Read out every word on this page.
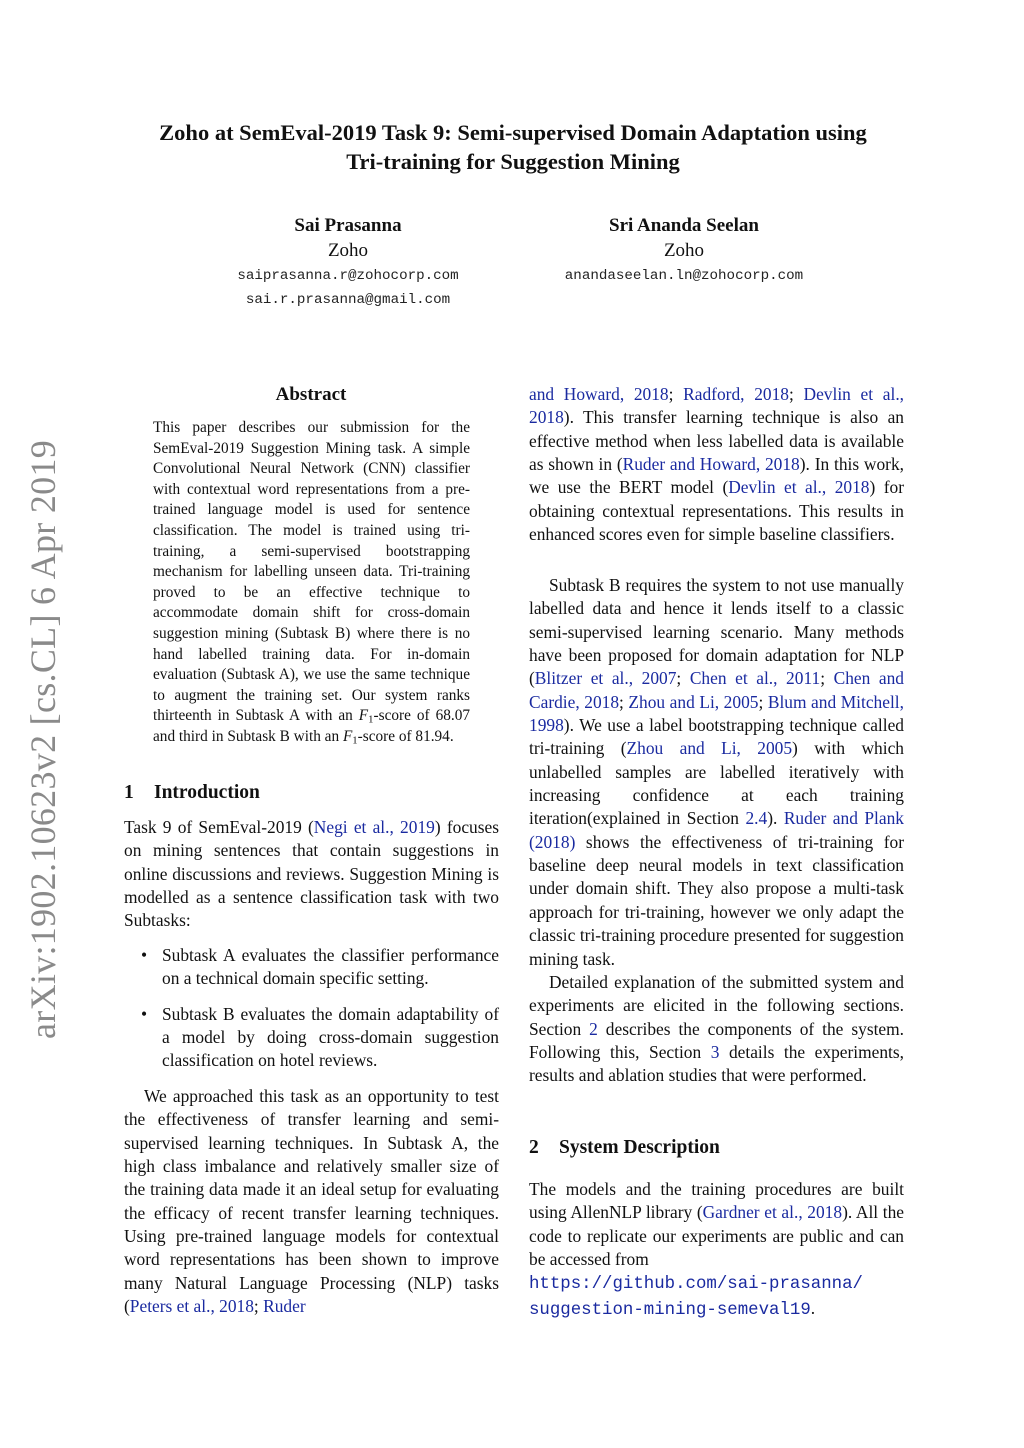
arXiv:1902.10623v2 [cs.CL] 6 Apr 2019
Zoho at SemEval-2019 Task 9: Semi-supervised Domain Adaptation using
Tri-training for Suggestion Mining
Sai Prasanna
Zoho
saiprasanna.r@zohocorp.com
sai.r.prasanna@gmail.com
Sri Ananda Seelan
Zoho
anandaseelan.ln@zohocorp.com
Abstract
This paper describes our submission for the SemEval-2019 Suggestion Mining task. A simple Convolutional Neural Network (CNN) classifier with contextual word representations from a pre-trained language model is used for sentence classification. The model is trained using tri-training, a semi-supervised bootstrapping mechanism for labelling unseen data. Tri-training proved to be an effective technique to accommodate domain shift for cross-domain suggestion mining (Subtask B) where there is no hand labelled training data. For in-domain evaluation (Subtask A), we use the same technique to augment the training set. Our system ranks thirteenth in Subtask A with an $F_1$-score of 68.07 and third in Subtask B with an $F_1$-score of 81.94.
1 Introduction
Task 9 of SemEval-2019 (Negi et al., 2019) focuses on mining sentences that contain suggestions in online discussions and reviews. Suggestion Mining is modelled as a sentence classification task with two Subtasks:
• Subtask A evaluates the classifier performance on a technical domain specific setting.
• Subtask B evaluates the domain adaptability of a model by doing cross-domain suggestion classification on hotel reviews.
We approached this task as an opportunity to test the effectiveness of transfer learning and semi-supervised learning techniques. In Subtask A, the high class imbalance and relatively smaller size of the training data made it an ideal setup for evaluating the efficacy of recent transfer learning techniques. Using pre-trained language models for contextual word representations has been shown to improve many Natural Language Processing (NLP) tasks (Peters et al., 2018; Ruder
and Howard, 2018; Radford, 2018; Devlin et al., 2018). This transfer learning technique is also an effective method when less labelled data is available as shown in (Ruder and Howard, 2018). In this work, we use the BERT model (Devlin et al., 2018) for obtaining contextual representations. This results in enhanced scores even for simple baseline classifiers.
Subtask B requires the system to not use manually labelled data and hence it lends itself to a classic semi-supervised learning scenario. Many methods have been proposed for domain adaptation for NLP (Blitzer et al., 2007; Chen et al., 2011; Chen and Cardie, 2018; Zhou and Li, 2005; Blum and Mitchell, 1998). We use a label bootstrapping technique called tri-training (Zhou and Li, 2005) with which unlabelled samples are labelled iteratively with increasing confidence at each training iteration(explained in Section 2.4). Ruder and Plank (2018) shows the effectiveness of tri-training for baseline deep neural models in text classification under domain shift. They also propose a multi-task approach for tri-training, however we only adapt the classic tri-training procedure presented for suggestion mining task.
Detailed explanation of the submitted system and experiments are elicited in the following sections. Section 2 describes the components of the system. Following this, Section 3 details the experiments, results and ablation studies that were performed.
2 System Description
The models and the training procedures are built using AllenNLP library (Gardner et al., 2018). All the code to replicate our experiments are public and can be accessed from
https://github.com/sai-prasanna/
suggestion-mining-semeval19.
